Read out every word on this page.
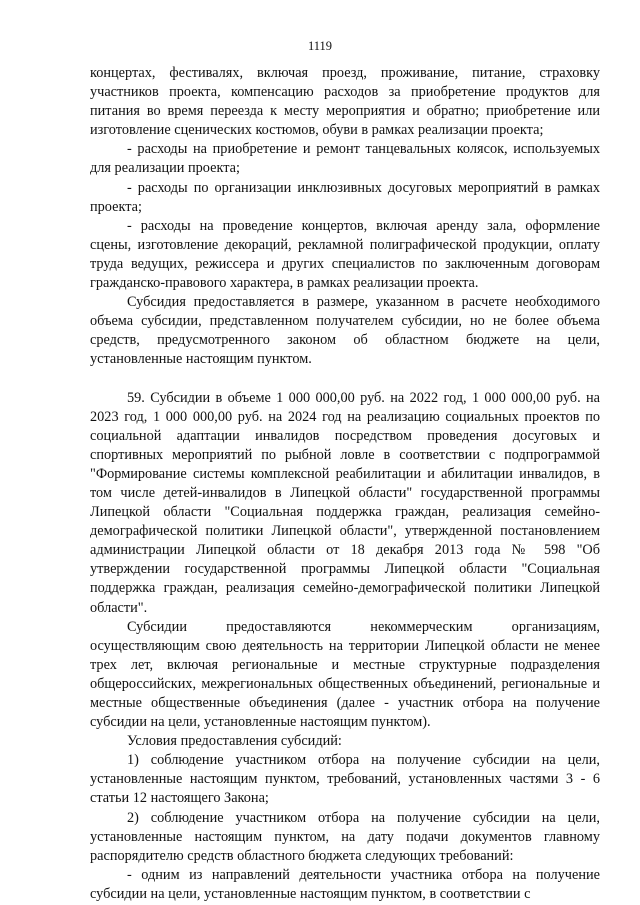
1119

концертах, фестивалях, включая проезд, проживание, питание, страховку участников проекта, компенсацию расходов за приобретение продуктов для питания во время переезда к месту мероприятия и обратно; приобретение или изготовление сценических костюмов, обуви в рамках реализации проекта;

- расходы на приобретение и ремонт танцевальных колясок, используемых для реализации проекта;

- расходы по организации инклюзивных досуговых мероприятий в рамках проекта;

- расходы на проведение концертов, включая аренду зала, оформление сцены, изготовление декораций, рекламной полиграфической продукции, оплату труда ведущих, режиссера и других специалистов по заключенным договорам гражданско-правового характера, в рамках реализации проекта.

Субсидия предоставляется в размере, указанном в расчете необходимого объема субсидии, представленном получателем субсидии, но не более объема средств, предусмотренного законом об областном бюджете на цели, установленные настоящим пунктом.

59. Субсидии в объеме 1 000 000,00 руб. на 2022 год, 1 000 000,00 руб. на 2023 год, 1 000 000,00 руб. на 2024 год на реализацию социальных проектов по социальной адаптации инвалидов посредством проведения досуговых и спортивных мероприятий по рыбной ловле в соответствии с подпрограммой "Формирование системы комплексной реабилитации и абилитации инвалидов, в том числе детей-инвалидов в Липецкой области" государственной программы Липецкой области "Социальная поддержка граждан, реализация семейно-демографической политики Липецкой области", утвержденной постановлением администрации Липецкой области от 18 декабря 2013 года № 598 "Об утверждении государственной программы Липецкой области "Социальная поддержка граждан, реализация семейно-демографической политики Липецкой области".

Субсидии предоставляются некоммерческим организациям, осуществляющим свою деятельность на территории Липецкой области не менее трех лет, включая региональные и местные структурные подразделения общероссийских, межрегиональных общественных объединений, региональные и местные общественные объединения (далее - участник отбора на получение субсидии на цели, установленные настоящим пунктом).

Условия предоставления субсидий:

1) соблюдение участником отбора на получение субсидии на цели, установленные настоящим пунктом, требований, установленных частями 3 - 6 статьи 12 настоящего Закона;

2) соблюдение участником отбора на получение субсидии на цели, установленные настоящим пунктом, на дату подачи документов главному распорядителю средств областного бюджета следующих требований:

- одним из направлений деятельности участника отбора на получение субсидии на цели, установленные настоящим пунктом, в соответствии с
